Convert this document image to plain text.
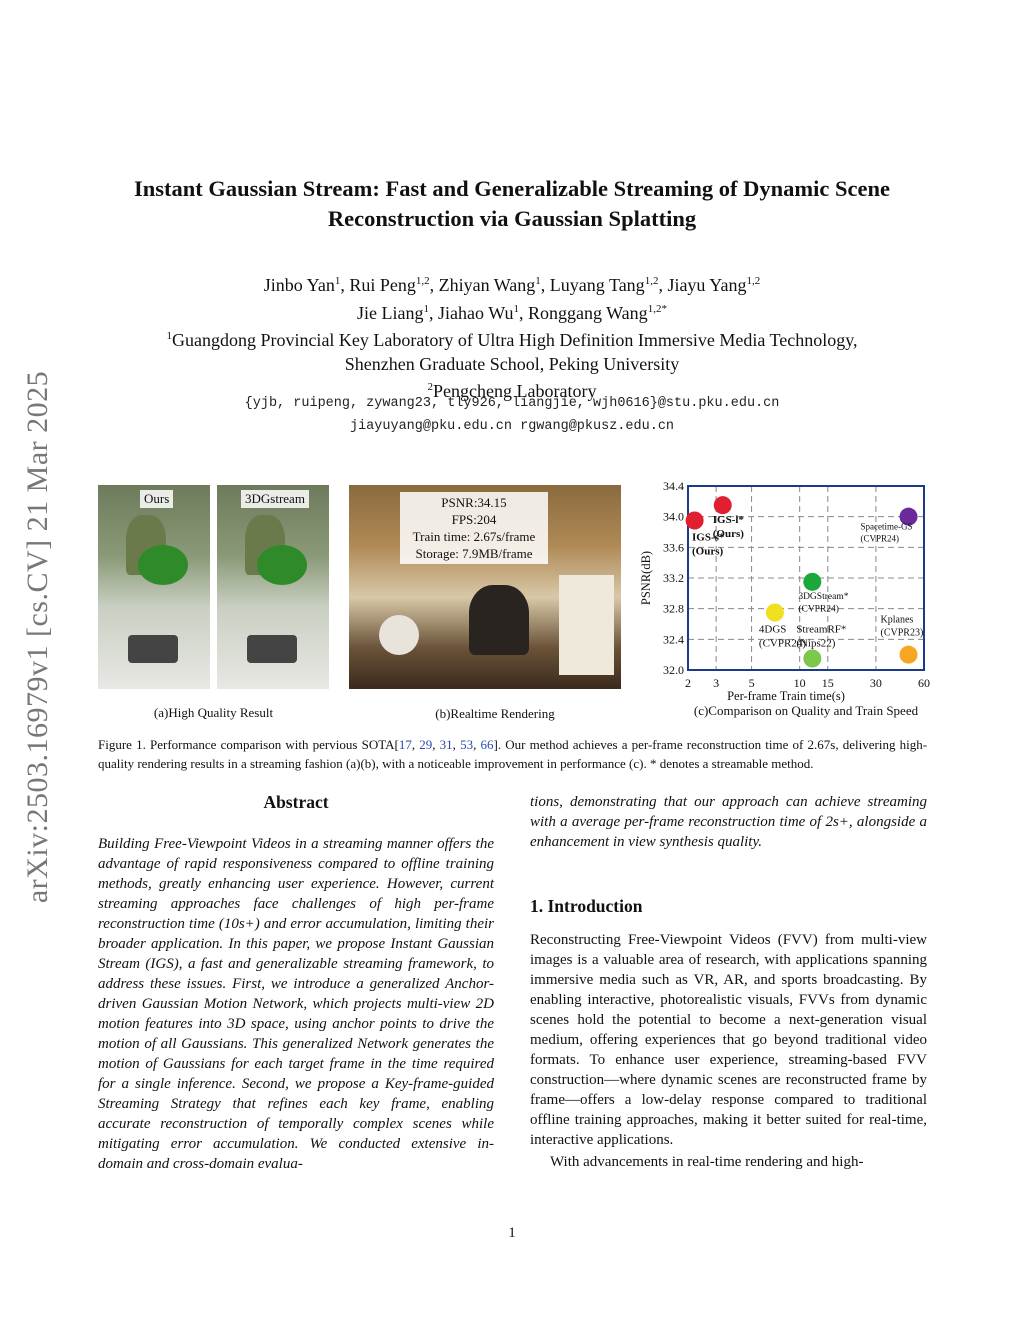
arXiv:2503.16979v1 [cs.CV] 21 Mar 2025
Instant Gaussian Stream: Fast and Generalizable Streaming of Dynamic Scene
Reconstruction via Gaussian Splatting
Jinbo Yan$^1$, Rui Peng$^{1,2}$, Zhiyan Wang$^1$, Luyang Tang$^{1,2}$, Jiayu Yang$^{1,2}$
Jie Liang$^1$, Jiahao Wu$^1$, Ronggang Wang$^{1,2*}$
$^1$Guangdong Provincial Key Laboratory of Ultra High Definition Immersive Media Technology,
Shenzhen Graduate School, Peking University
$^2$Pengcheng Laboratory
{yjb, ruipeng, zywang23, tly926, liangjie, wjh0616}@stu.pku.edu.cn
jiayuyang@pku.edu.cn rgwang@pkusz.edu.cn
Ours	3DGstream	PSNR:34.15
FPS:204
Train time: 2.67s/frame
Storage: 7.9MB/frame
2 3 5	10 15	30	60
32.0
32.4
32.8
33.2
33.6
34.0
34.4
Per-frame Train time(s)
PSNR(dB)
IGS-s*
(Ours)
IGS-l*
(Ours)
Spacetime-GS
(CVPR24)
3DGStream*
(CVPR24)
4DGS
(CVPR24)
StreamRF*
(Nips22)
Kplanes
(CVPR23)
(a)High Quality Result	(b)Realtime Rendering	(c)Comparison on Quality and Train Speed
Figure 1. Performance comparison with pervious SOTA[17, 29, 31, 53, 66]. Our method achieves a per-frame reconstruction time of 2.67s, delivering high-quality rendering results in a streaming fashion (a)(b), with a noticeable improvement in performance (c). * denotes a streamable method.
Abstract
Building Free-Viewpoint Videos in a streaming manner offers the advantage of rapid responsiveness compared to offline training methods, greatly enhancing user experience. However, current streaming approaches face challenges of high per-frame reconstruction time (10s+) and error accumulation, limiting their broader application. In this paper, we propose Instant Gaussian Stream (IGS), a fast and generalizable streaming framework, to address these issues. First, we introduce a generalized Anchor-driven Gaussian Motion Network, which projects multi-view 2D motion features into 3D space, using anchor points to drive the motion of all Gaussians. This generalized Network generates the motion of Gaussians for each target frame in the time required for a single inference. Second, we propose a Key-frame-guided Streaming Strategy that refines each key frame, enabling accurate reconstruction of temporally complex scenes while mitigating error accumulation. We conducted extensive in-domain and cross-domain evalua-
tions, demonstrating that our approach can achieve streaming with a average per-frame reconstruction time of 2s+, alongside a enhancement in view synthesis quality.
1. Introduction
Reconstructing Free-Viewpoint Videos (FVV) from multi-view images is a valuable area of research, with applications spanning immersive media such as VR, AR, and sports broadcasting. By enabling interactive, photorealistic visuals, FVVs from dynamic scenes hold the potential to become a next-generation visual medium, offering experiences that go beyond traditional video formats. To enhance user experience, streaming-based FVV construction—where dynamic scenes are reconstructed frame by frame—offers a low-delay response compared to traditional offline training approaches, making it better suited for real-time, interactive applications.
With advancements in real-time rendering and high-
1
